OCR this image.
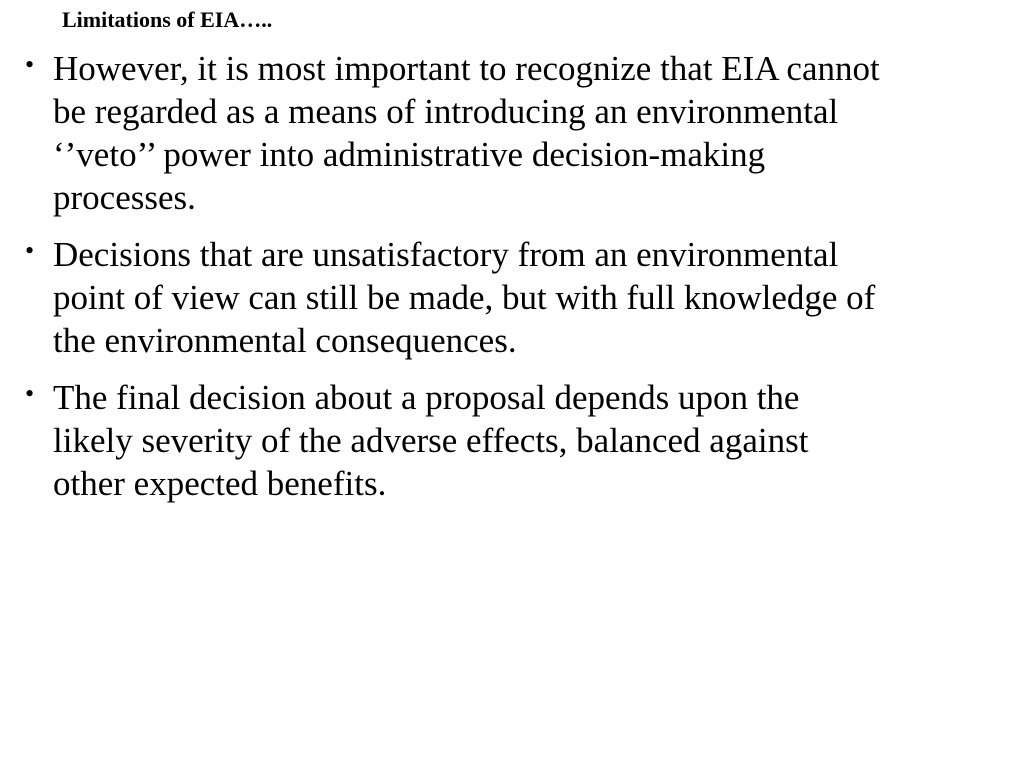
Limitations of EIA…..
• However, it is most important to recognize that EIA cannot
be regarded as a means of introducing an environmental
‘’veto’’ power into administrative decision-making
processes.
• Decisions that are unsatisfactory from an environmental
point of view can still be made, but with full knowledge of
the environmental consequences.
• The final decision about a proposal depends upon the
likely severity of the adverse effects, balanced against
other expected benefits.
